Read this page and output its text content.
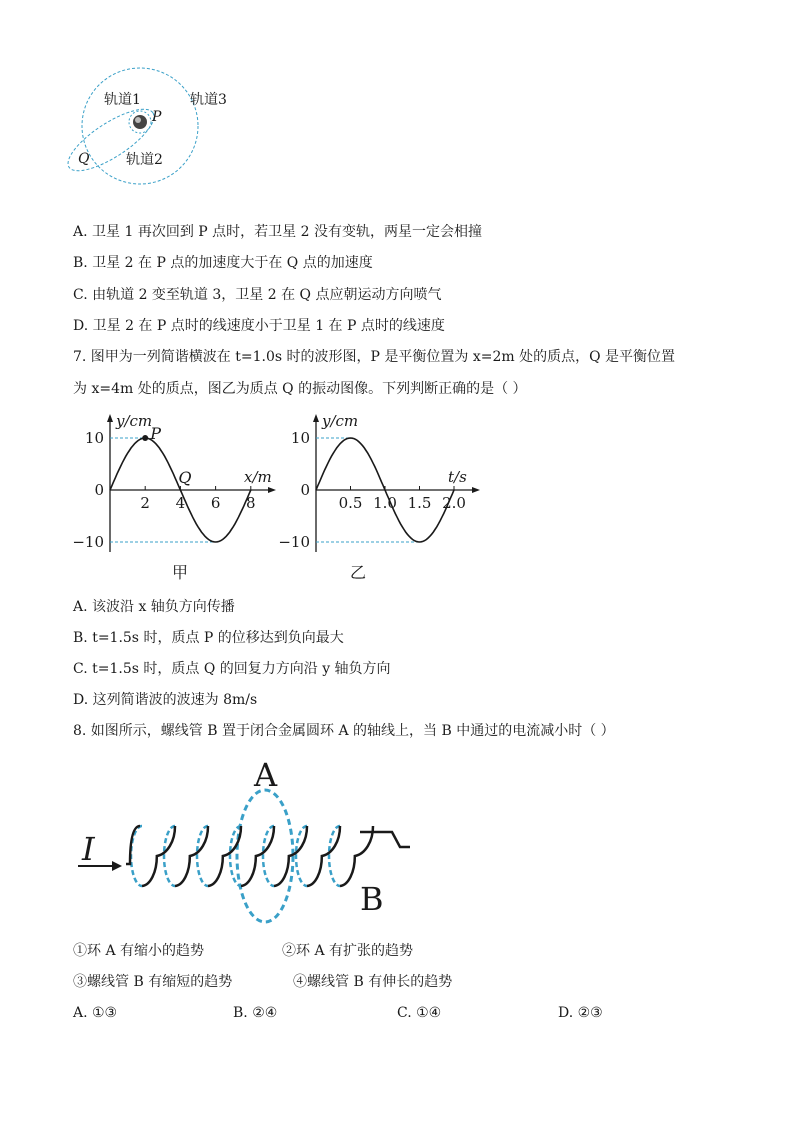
轨道1	轨道3
P
Q	轨道2
A. 卫星 1 再次回到 P 点时，若卫星 2 没有变轨，两星一定会相撞
B. 卫星 2 在 P 点的加速度大于在 Q 点的加速度
C. 由轨道 2 变至轨道 3，卫星 2 在 Q 点应朝运动方向喷气
D. 卫星 2 在 P 点时的线速度小于卫星 1 在 P 点时的线速度
7. 图甲为一列简谐横波在 t=1.0s 时的波形图，P 是平衡位置为 x=2m 处的质点，Q 是平衡位置
为 x=4m 处的质点，图乙为质点 Q 的振动图像。下列判断正确的是（ ）
y/cm
x/m
10
0
−10
2 4 6 8
P
Q
甲
y/cm
t/s
10
0
−10
0.5 1.0 1.5 2.0
乙
A. 该波沿 x 轴负方向传播
B. t=1.5s 时，质点 P 的位移达到负向最大
C. t=1.5s 时，质点 Q 的回复力方向沿 y 轴负方向
D. 这列简谐波的波速为 8m/s
8. 如图所示，螺线管 B 置于闭合金属圆环 A 的轴线上，当 B 中通过的电流减小时（ ）
A
B
I
①环 A 有缩小的趋势	②环 A 有扩张的趋势
③螺线管 B 有缩短的趋势	④螺线管 B 有伸长的趋势
A. ①③	B. ②④	C. ①④	D. ②③
